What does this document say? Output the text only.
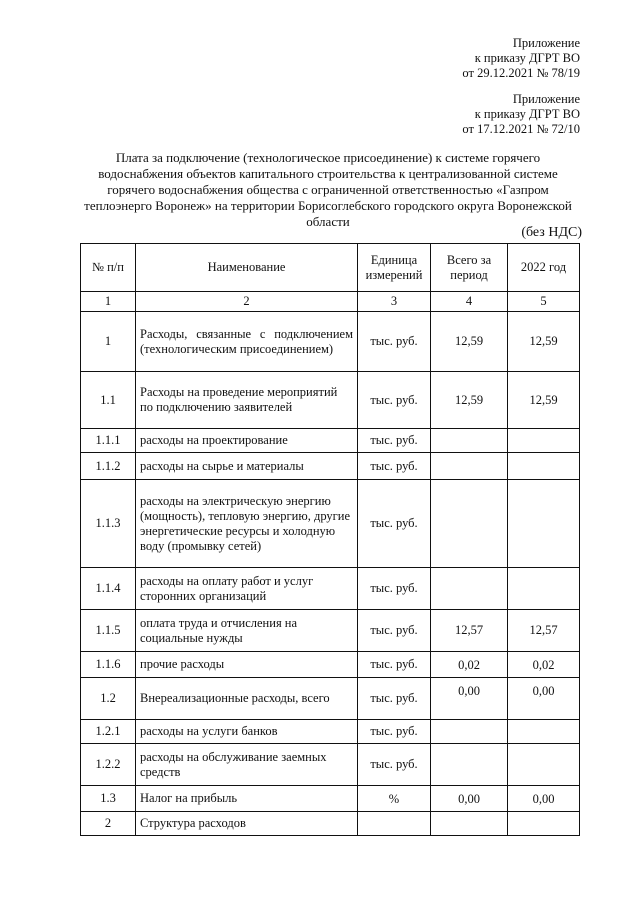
Приложение
к приказу ДГРТ ВО
от 29.12.2021 № 78/19
Приложение
к приказу ДГРТ ВО
от 17.12.2021 № 72/10
Плата за подключение (технологическое присоединение) к системе горячего водоснабжения объектов капитального строительства к централизованной системе горячего водоснабжения общества с ограниченной ответственностью «Газпром теплоэнерго Воронеж» на территории Борисоглебского городского округа Воронежской области
(без НДС)
№ п/п	Наименование	Единица измерений	Всего за период	2022 год
1	2	3	4	5
1	Расходы, связанные с подключением (технологическим присоединением)	тыс. руб.	12,59	12,59
1.1	Расходы на проведение мероприятий по подключению заявителей	тыс. руб.	12,59	12,59
1.1.1	расходы на проектирование	тыс. руб.		
1.1.2	расходы на сырье и материалы	тыс. руб.		
1.1.3	расходы на электрическую энергию (мощность), тепловую энергию, другие энергетические ресурсы и холодную воду (промывку сетей)	тыс. руб.		
1.1.4	расходы на оплату работ и услуг сторонних организаций	тыс. руб.		
1.1.5	оплата труда и отчисления на социальные нужды	тыс. руб.	12,57	12,57
1.1.6	прочие расходы	тыс. руб.	0,02	0,02
1.2	Внереализационные расходы, всего	тыс. руб.	0,00	0,00
1.2.1	расходы на услуги банков	тыс. руб.		
1.2.2	расходы на обслуживание заемных средств	тыс. руб.		
1.3	Налог на прибыль	%	0,00	0,00
2	Структура расходов			
